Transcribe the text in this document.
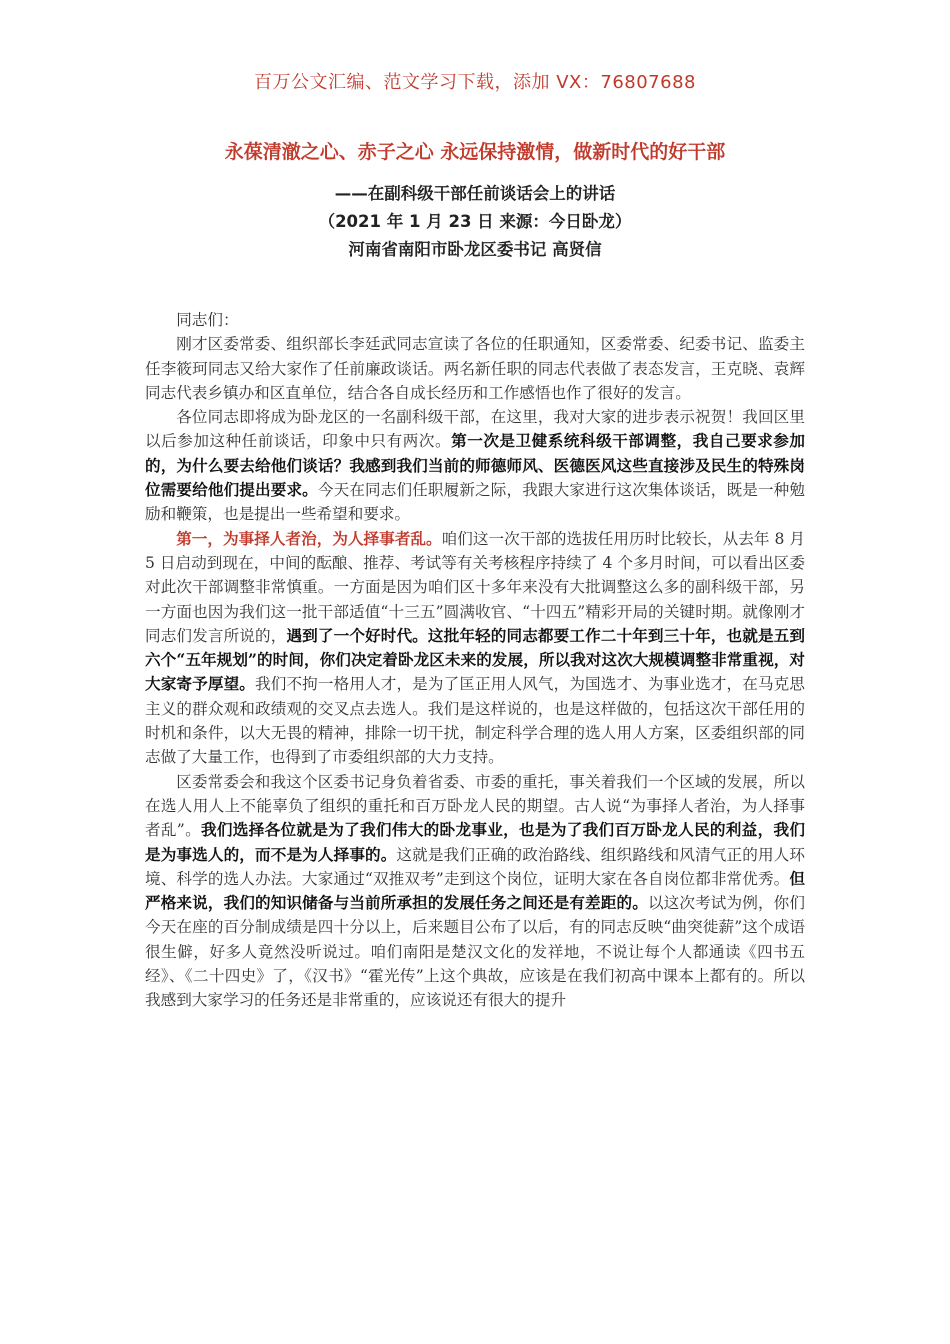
百万公文汇编、范文学习下载，添加 VX：76807688
永葆清澈之心、赤子之心 永远保持激情，做新时代的好干部
——在副科级干部任前谈话会上的讲话
（2021 年 1 月 23 日 来源：今日卧龙）
河南省南阳市卧龙区委书记 高贤信

同志们：

刚才区委常委、组织部长李廷武同志宣读了各位的任职通知，区委常委、纪委书记、监委主任李筱珂同志又给大家作了任前廉政谈话。两名新任职的同志代表做了表态发言，王克晓、袁辉同志代表乡镇办和区直单位，结合各自成长经历和工作感悟也作了很好的发言。

各位同志即将成为卧龙区的一名副科级干部，在这里，我对大家的进步表示祝贺！我回区里以后参加这种任前谈话，印象中只有两次。第一次是卫健系统科级干部调整，我自己要求参加的，为什么要去给他们谈话？我感到我们当前的师德师风、医德医风这些直接涉及民生的特殊岗位需要给他们提出要求。今天在同志们任职履新之际，我跟大家进行这次集体谈话，既是一种勉励和鞭策，也是提出一些希望和要求。

第一，为事择人者治，为人择事者乱。咱们这一次干部的选拔任用历时比较长，从去年 8 月 5 日启动到现在，中间的酝酿、推荐、考试等有关考核程序持续了 4 个多月时间，可以看出区委对此次干部调整非常慎重。一方面是因为咱们区十多年来没有大批调整这么多的副科级干部，另一方面也因为我们这一批干部适值“十三五”圆满收官、“十四五”精彩开局的关键时期。就像刚才同志们发言所说的，遇到了一个好时代。这批年轻的同志都要工作二十年到三十年，也就是五到六个“五年规划”的时间，你们决定着卧龙区未来的发展，所以我对这次大规模调整非常重视，对大家寄予厚望。我们不拘一格用人才，是为了匡正用人风气，为国选才、为事业选才，在马克思主义的群众观和政绩观的交叉点去选人。我们是这样说的，也是这样做的，包括这次干部任用的时机和条件，以大无畏的精神，排除一切干扰，制定科学合理的选人用人方案，区委组织部的同志做了大量工作，也得到了市委组织部的大力支持。

区委常委会和我这个区委书记身负着省委、市委的重托，事关着我们一个区域的发展，所以在选人用人上不能辜负了组织的重托和百万卧龙人民的期望。古人说“为事择人者治，为人择事者乱”。我们选择各位就是为了我们伟大的卧龙事业，也是为了我们百万卧龙人民的利益，我们是为事选人的，而不是为人择事的。这就是我们正确的政治路线、组织路线和风清气正的用人环境、科学的选人办法。大家通过“双推双考”走到这个岗位，证明大家在各自岗位都非常优秀。但严格来说，我们的知识储备与当前所承担的发展任务之间还是有差距的。以这次考试为例，你们今天在座的百分制成绩是四十分以上，后来题目公布了以后，有的同志反映“曲突徙薪”这个成语很生僻，好多人竟然没听说过。咱们南阳是楚汉文化的发祥地，不说让每个人都通读《四书五经》、《二十四史》了，《汉书》“霍光传”上这个典故，应该是在我们初高中课本上都有的。所以我感到大家学习的任务还是非常重的，应该说还有很大的提升
